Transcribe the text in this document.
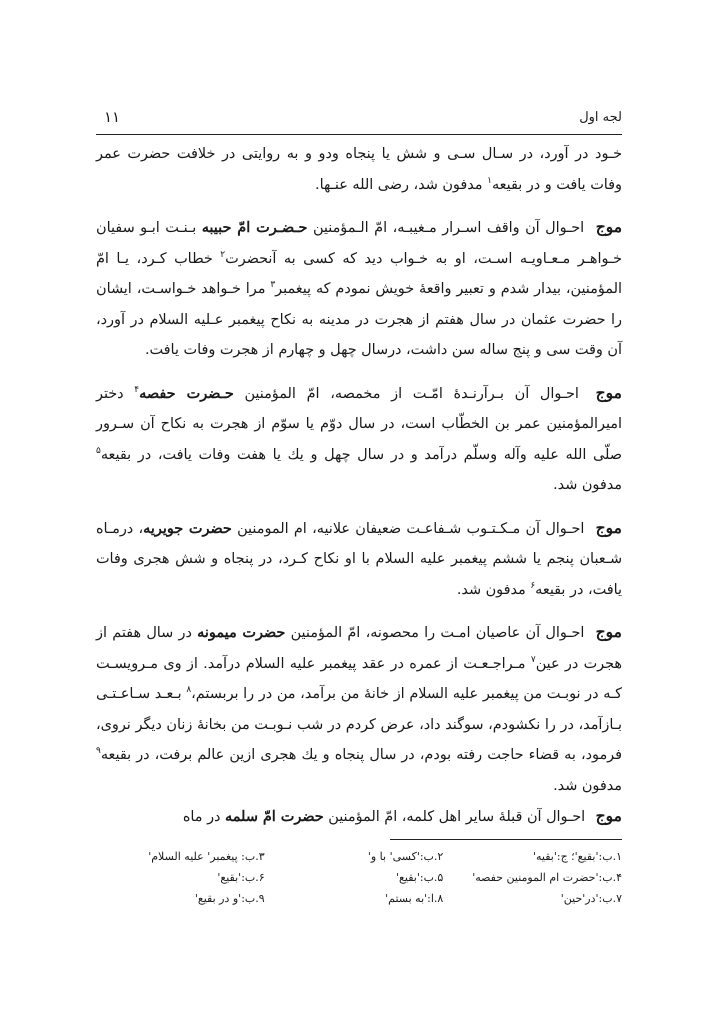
لجه اول
۱۱

خـود در آورد، در سـال سـی و شش یا پنجاه ودو و به روایتی در خلافت حضرت عمر وفات یافت و در بقیعه$^۱$ مدفون شد، رضی الله عنـها.

موج احـوال آن واقف اسـرار مـغیبـه، امّ الـمؤمنین حـضـرت امّ حبیبه بـنـت ابـو سفیان خـواهـر مـعـاویـه اسـت، او به خـواب دید که کسی به آنحضرت$^۲$ خطاب کـرد، یـا امّ المؤمنین، بیدار شدم و تعبیر واقعهٔ خویش نمودم که پیغمبر$^۳$ مرا خـواهد خـواسـت، ایشان را حضرت عثمان در سال هفتم از هجرت در مدینه به نکاح پیغمبر عـلیه السلام در آورد، آن وقت سی و پنج ساله سن داشت، درسال چهل و چهارم از هجرت وفات یافت.

موج احـوال آن بـرآرنـدهٔ امّـت از مخمصه، امّ المؤمنین حـضرت حفصه$^۴$ دختر امیرالمؤمنین عمر بن الخطّاب است، در سال دوّم یا سوّم از هجرت به نکاح آن سـرور صلّی الله علیه وآله وسلّم درآمد و در سال چهل و یك یا هفت وفات یافت، در بقیعه$^۵$ مدفون شد.

موج احـوال آن مـکـتـوب شـفاعـت ضعیفان علانیه، ام المومنین حضرت جویریه، درمـاه شـعبان پنجم یا ششم پیغمبر علیه السلام با او نکاح کـرد، در پنجاه و شش هجری وفات یافت، در بقیعه$^۶$ مدفون شد.

موج احـوال آن عاصیان امـت را محصونه، امّ المؤمنین حضرت میمونه در سال هفتم از هجرت در عین$^۷$ مـراجـعـت از عمره در عقد پیغمبر علیه السلام درآمد. از وی مـرویسـت کـه در نوبـت من پیغمبر علیه السلام از خانهٔ من برآمد، من در را بربستم،$^۸$ بـعـد سـاعـتـی بـازآمد، در را نکشودم، سوگند داد، عرض کردم در شب نـوبـت من بخانهٔ زنان دیگر نروی، فرمود، به قضاء حاجت رفته بودم، در سال پنجاه و یك هجری ازین عالم برفت، در بقیعه$^۹$ مدفون شد.

موج احـوال آن قبلهٔ سایر اهل کلمه، امّ المؤمنین حضرت امّ سلمه در ماه

۱.ب:'بقیع'؛ ج:'بقیه'
۲.ب:'کسی' با و'
۳.ب: پیغمبر' علیه السلام'
۴.ب:'حضرت ام المومنین حفصه'
۵.ب:'بقیع'
۶.ب:'بقیع'
۷.ب:'در'حین'
۸.ا:'به بستم'
۹.ب:'و در بقیع'
